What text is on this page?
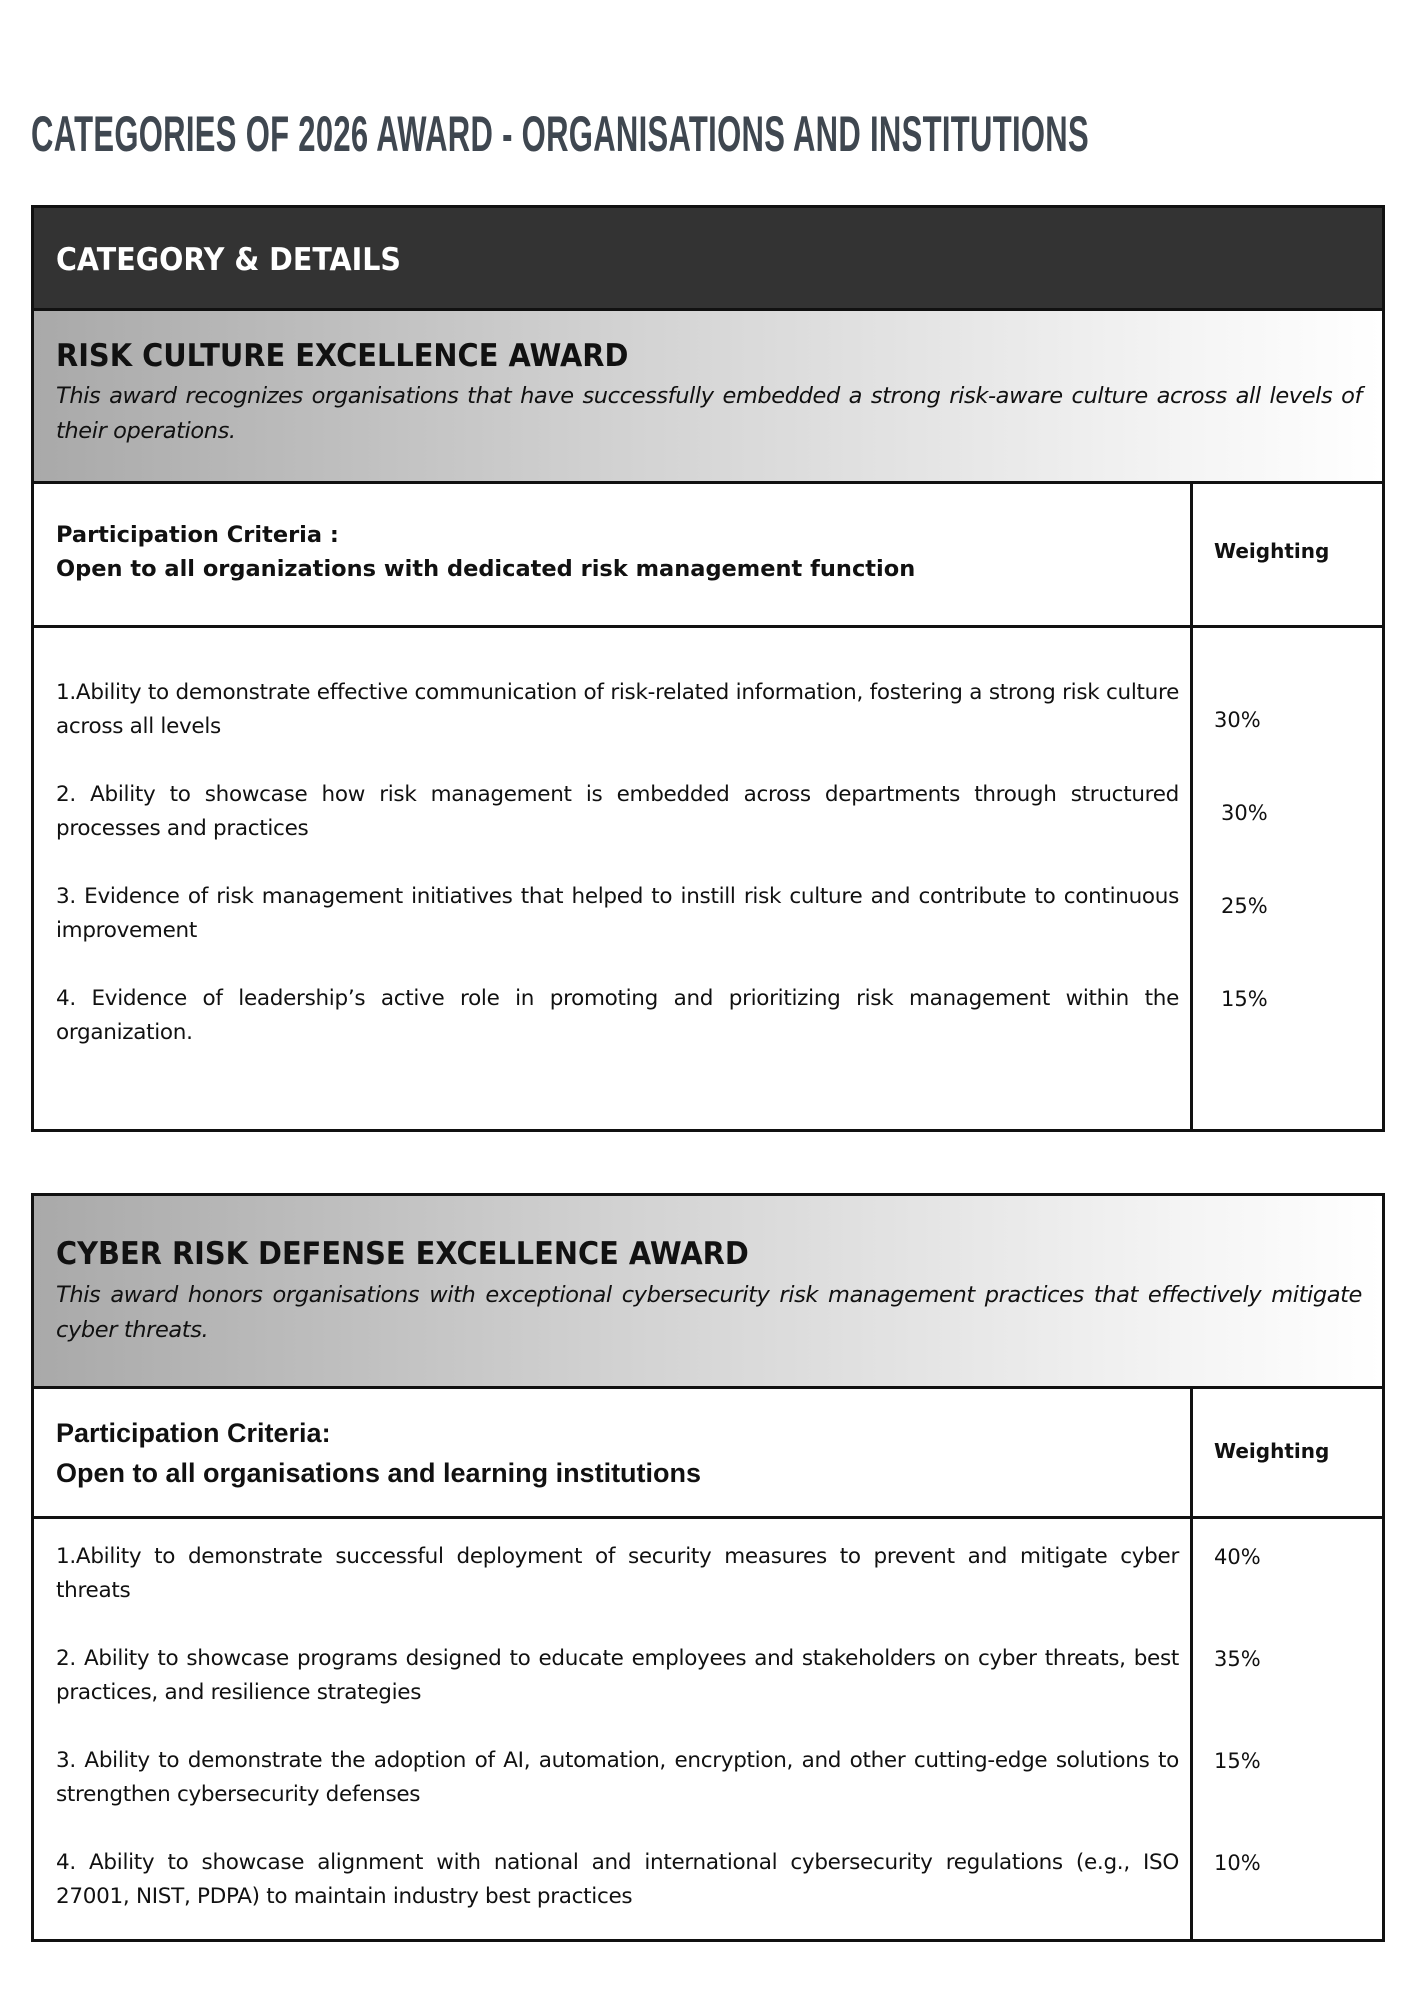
CATEGORIES OF 2026 AWARD - ORGANISATIONS AND INSTITUTIONS
CATEGORY & DETAILS

RISK CULTURE EXCELLENCE AWARD

This award recognizes organisations that have successfully embedded a strong risk-aware culture across all levels of their operations.

Participation Criteria :
Open to all organizations with dedicated risk management function

Weighting

1.Ability to demonstrate effective communication of risk-related information, fostering a strong risk culture across all levels	30%

2. Ability to showcase how risk management is embedded across departments through structured processes and practices

30%

3. Evidence of risk management initiatives that helped to instill risk culture and contribute to continuous improvement

25%

4. Evidence of leadership’s active role in promoting and prioritizing risk management within the organization.

15%

CYBER RISK DEFENSE EXCELLENCE AWARD

This award honors organisations with exceptional cybersecurity risk management practices that effectively mitigate cyber threats.

Participation Criteria:
Open to all organisations and learning institutions

Weighting

1.Ability to demonstrate successful deployment of security measures to prevent and mitigate cyber threats

40%

2. Ability to showcase programs designed to educate employees and stakeholders on cyber threats, best practices, and resilience strategies

35%

3. Ability to demonstrate the adoption of AI, automation, encryption, and other cutting-edge solutions to strengthen cybersecurity defenses

15%

4. Ability to showcase alignment with national and international cybersecurity regulations (e.g., ISO 27001, NIST, PDPA) to maintain industry best practices

10%
